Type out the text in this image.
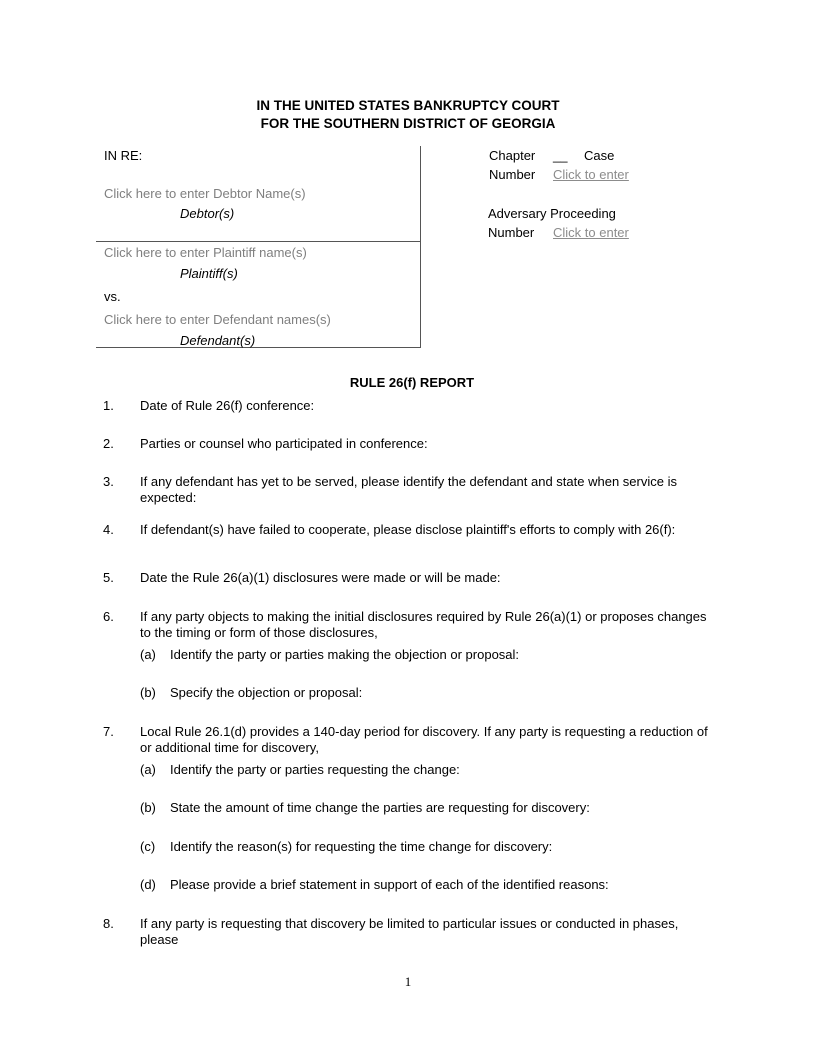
IN THE UNITED STATES BANKRUPTCY COURT
FOR THE SOUTHERN DISTRICT OF GEORGIA
IN RE:
Click here to enter Debtor Name(s)
Debtor(s)
Click here to enter Plaintiff name(s)
Plaintiff(s)
vs.
Click here to enter Defendant names(s)
Defendant(s)
Chapter __ Case
Number Click to enter
Adversary Proceeding
Number Click to enter
RULE 26(f) REPORT
1. Date of Rule 26(f) conference:
2. Parties or counsel who participated in conference:
3. If any defendant has yet to be served, please identify the defendant and state when service is expected:
4. If defendant(s) have failed to cooperate, please disclose plaintiff's efforts to comply with 26(f):
5. Date the Rule 26(a)(1) disclosures were made or will be made:
6. If any party objects to making the initial disclosures required by Rule 26(a)(1) or proposes changes to the timing or form of those disclosures,
(a) Identify the party or parties making the objection or proposal:
(b) Specify the objection or proposal:
7. Local Rule 26.1(d) provides a 140-day period for discovery. If any party is requesting a reduction of or additional time for discovery,
(a) Identify the party or parties requesting the change:
(b) State the amount of time change the parties are requesting for discovery:
(c) Identify the reason(s) for requesting the time change for discovery:
(d) Please provide a brief statement in support of each of the identified reasons:
8. If any party is requesting that discovery be limited to particular issues or conducted in phases, please
1
